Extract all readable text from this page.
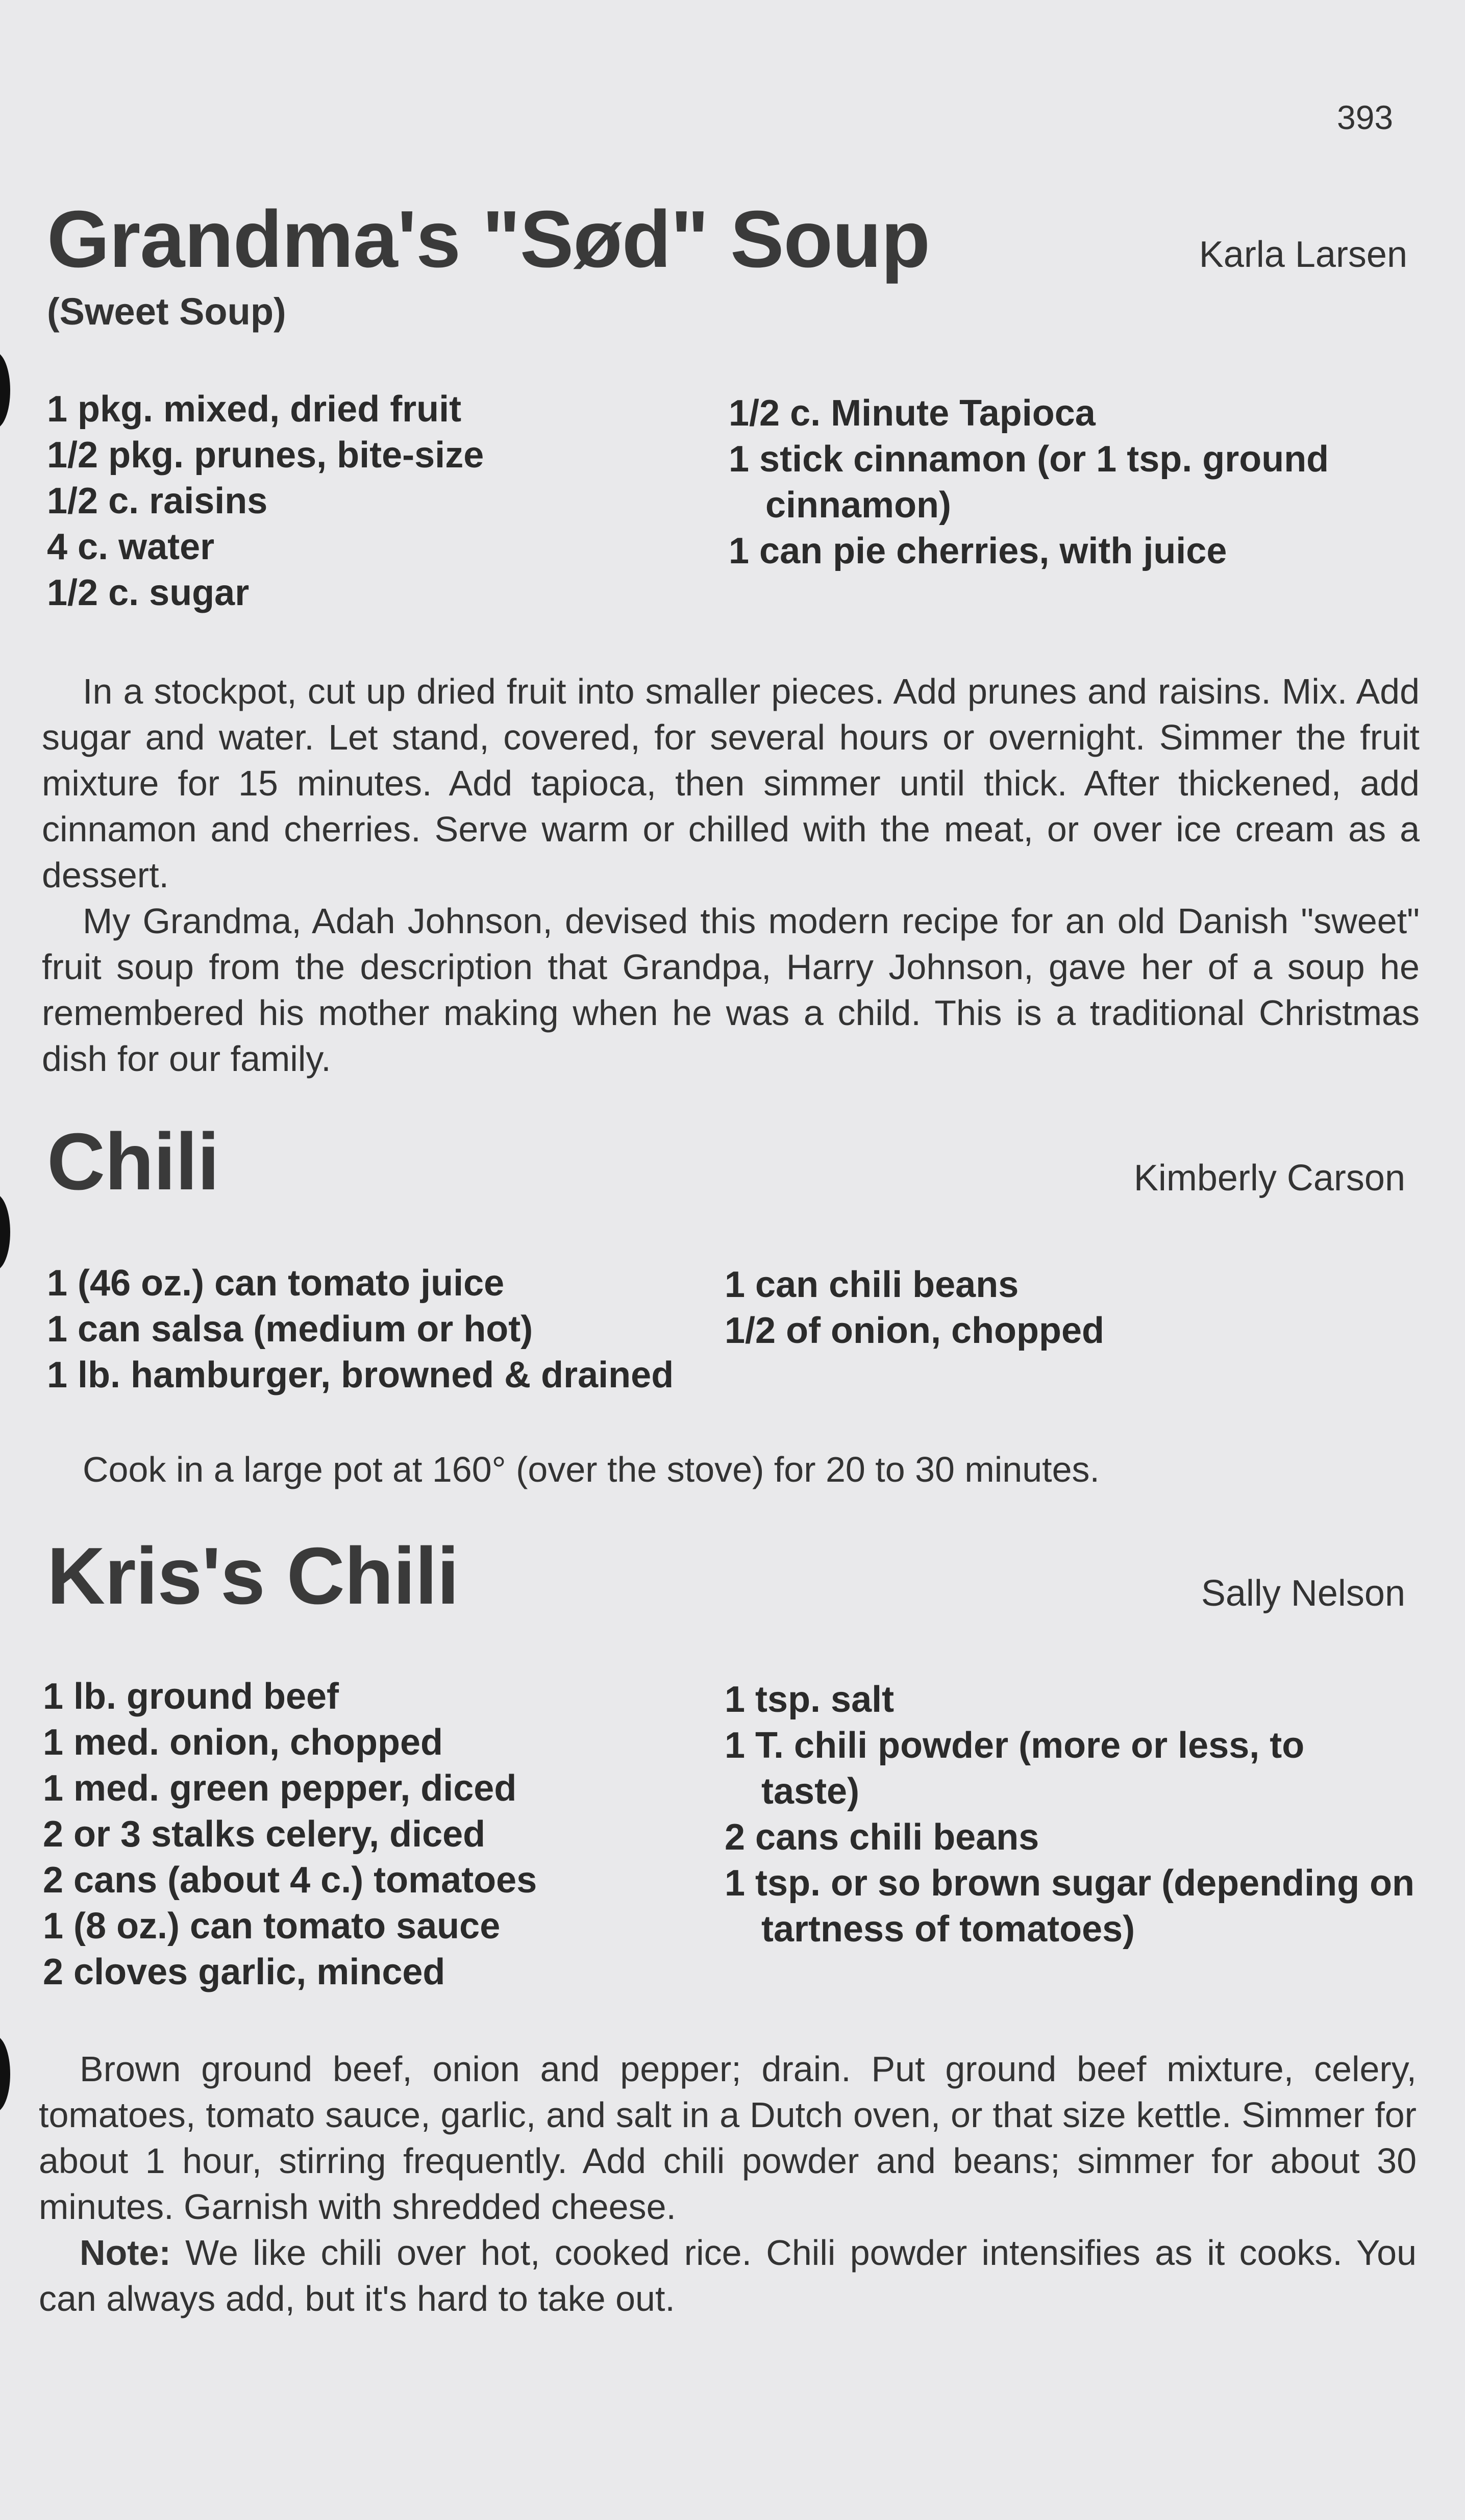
393
Grandma's "Sød" Soup	Karla Larsen
(Sweet Soup)
1 pkg. mixed, dried fruit
1/2 pkg. prunes, bite-size
1/2 c. raisins
4 c. water
1/2 c. sugar
1/2 c. Minute Tapioca
1 stick cinnamon (or 1 tsp. ground cinnamon)
1 can pie cherries, with juice

In a stockpot, cut up dried fruit into smaller pieces. Add prunes and raisins. Mix. Add sugar and water. Let stand, covered, for several hours or overnight. Simmer the fruit mixture for 15 minutes. Add tapioca, then simmer until thick. After thickened, add cinnamon and cherries. Serve warm or chilled with the meat, or over ice cream as a dessert.

My Grandma, Adah Johnson, devised this modern recipe for an old Danish "sweet" fruit soup from the description that Grandpa, Harry Johnson, gave her of a soup he remembered his mother making when he was a child. This is a traditional Christmas dish for our family.

Chili	Kimberly Carson
1 (46 oz.) can tomato juice
1 can salsa (medium or hot)
1 lb. hamburger, browned & drained
1 can chili beans
1/2 of onion, chopped

Cook in a large pot at 160° (over the stove) for 20 to 30 minutes.

Kris's Chili	Sally Nelson
1 lb. ground beef
1 med. onion, chopped
1 med. green pepper, diced
2 or 3 stalks celery, diced
2 cans (about 4 c.) tomatoes
1 (8 oz.) can tomato sauce
2 cloves garlic, minced
1 tsp. salt
1 T. chili powder (more or less, to taste)
2 cans chili beans
1 tsp. or so brown sugar (depending on tartness of tomatoes)

Brown ground beef, onion and pepper; drain. Put ground beef mixture, celery, tomatoes, tomato sauce, garlic, and salt in a Dutch oven, or that size kettle. Simmer for about 1 hour, stirring frequently. Add chili powder and beans; simmer for about 30 minutes. Garnish with shredded cheese.

Note: We like chili over hot, cooked rice. Chili powder intensifies as it cooks. You can always add, but it's hard to take out.
